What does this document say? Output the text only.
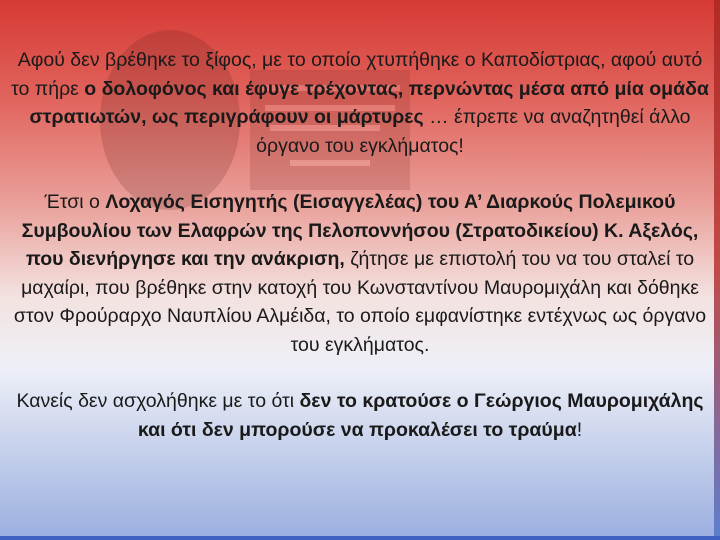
Αφού δεν βρέθηκε το ξίφος, με το οποίο χτυπήθηκε ο Καποδίστριας, αφού αυτό το πήρε ο δολοφόνος και έφυγε τρέχοντας, περνώντας μέσα από μία ομάδα στρατιωτών, ως περιγράφουν οι μάρτυρες … έπρεπε να αναζητηθεί άλλο όργανο του εγκλήματος!

Έτσι ο Λοχαγός Εισηγητής (Εισαγγελέας) του Α’ Διαρκούς Πολεμικού Συμβουλίου των Ελαφρών της Πελοποννήσου (Στρατοδικείου) Κ. Αξελός, που διενήργησε και την ανάκριση, ζήτησε με επιστολή του να του σταλεί το μαχαίρι, που βρέθηκε στην κατοχή του Κωνσταντίνου Μαυρομιχάλη και δόθηκε στον Φρούραρχο Ναυπλίου Αλμέιδα, το οποίο εμφανίστηκε εντέχνως ως όργανο του εγκλήματος.

Κανείς δεν ασχολήθηκε με το ότι δεν το κρατούσε ο Γεώργιος Μαυρομιχάλης και ότι δεν μπορούσε να προκαλέσει το τραύμα!
